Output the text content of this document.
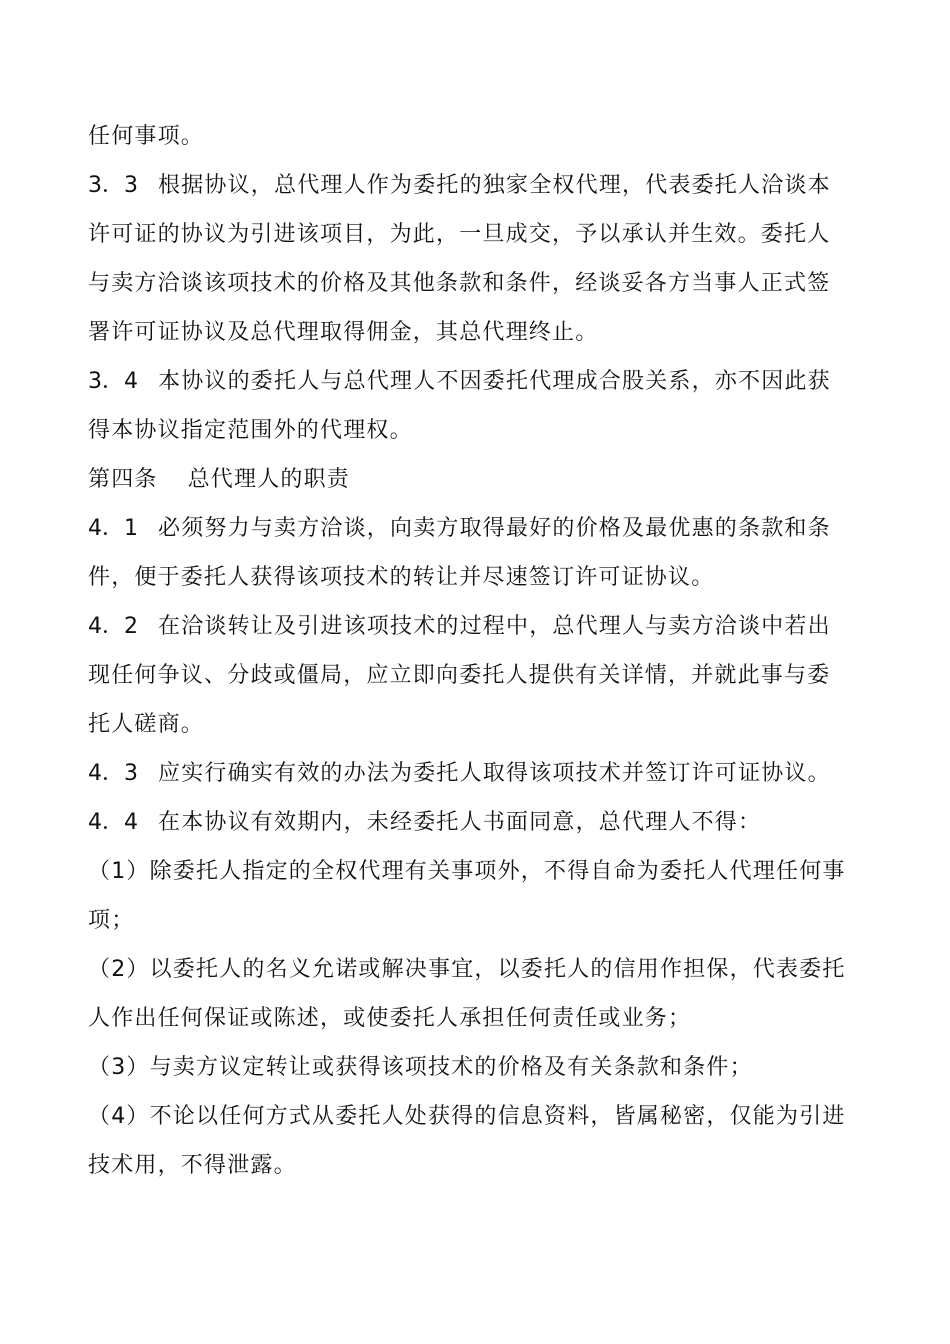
任何事项。
3．3 根据协议，总代理人作为委托的独家全权代理，代表委托人洽谈本
许可证的协议为引进该项目，为此，一旦成交，予以承认并生效。委托人
与卖方洽谈该项技术的价格及其他条款和条件，经谈妥各方当事人正式签
署许可证协议及总代理取得佣金，其总代理终止。
3．4 本协议的委托人与总代理人不因委托代理成合股关系，亦不因此获
得本协议指定范围外的代理权。
第四条 总代理人的职责
4．1 必须努力与卖方洽谈，向卖方取得最好的价格及最优惠的条款和条
件，便于委托人获得该项技术的转让并尽速签订许可证协议。
4．2 在洽谈转让及引进该项技术的过程中，总代理人与卖方洽谈中若出
现任何争议、分歧或僵局，应立即向委托人提供有关详情，并就此事与委
托人磋商。
4．3 应实行确实有效的办法为委托人取得该项技术并签订许可证协议。
4．4 在本协议有效期内，未经委托人书面同意，总代理人不得：
（1）除委托人指定的全权代理有关事项外，不得自命为委托人代理任何事
项；
（2）以委托人的名义允诺或解决事宜，以委托人的信用作担保，代表委托
人作出任何保证或陈述，或使委托人承担任何责任或业务；
（3）与卖方议定转让或获得该项技术的价格及有关条款和条件；
（4）不论以任何方式从委托人处获得的信息资料，皆属秘密，仅能为引进
技术用，不得泄露。
